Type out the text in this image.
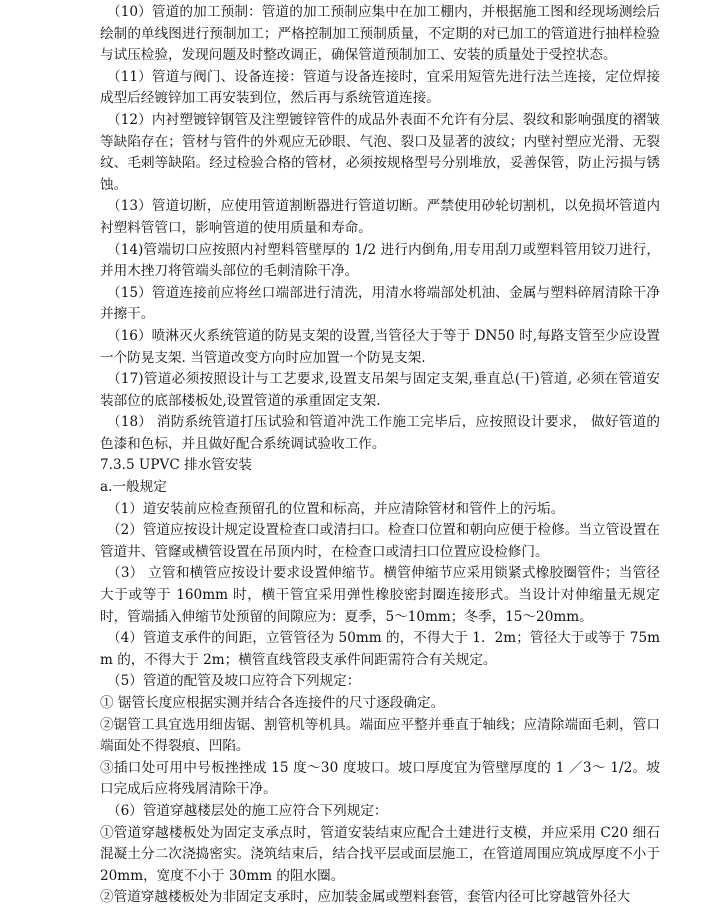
（10）管道的加工预制：管道的加工预制应集中在加工棚内，并根据施工图和经现场测绘后绘制的单线图进行预制加工；严格控制加工预制质量，不定期的对已加工的管道进行抽样检验与试压检验，发现问题及时整改调正，确保管道预制加工、安装的质量处于受控状态。

（11）管道与阀门、设备连接：管道与设备连接时，宜采用短管先进行法兰连接，定位焊接成型后经镀锌加工再安装到位，然后再与系统管道连接。

（12）内衬塑镀锌钢管及注塑镀锌管件的成品外表面不允许有分层、裂纹和影响强度的褶皱等缺陷存在；管材与管件的外观应无砂眼、气泡、裂口及显著的波纹；内壁衬塑应光滑、无裂纹、毛刺等缺陷。经过检验合格的管材，必须按规格型号分别堆放，妥善保管，防止污损与锈蚀。

（13）管道切断，应使用管道割断器进行管道切断。严禁使用砂轮切割机，以免损坏管道内衬塑料管管口，影响管道的使用质量和寿命。

（14)管端切口应按照内衬塑料管壁厚的 1/2 进行内倒角,用专用刮刀或塑料管用铰刀进行，并用木挫刀将管端头部位的毛刺清除干净。

（15）管道连接前应将丝口端部进行清洗，用清水将端部处机油、金属与塑料碎屑清除干净并擦干。

（16）喷淋灭火系统管道的防晃支架的设置,当管径大于等于 DN50 时,每路支管至少应设置一个防晃支架. 当管道改变方向时应加置一个防晃支架.

（17)管道必须按照设计与工艺要求,设置支吊架与固定支架,垂直总(干)管道, 必须在管道安装部位的底部楼板处,设置管道的承重固定支架.

（18） 消防系统管道打压试验和管道冲洗工作施工完毕后，应按照设计要求， 做好管道的色漆和色标，并且做好配合系统调试验收工作。

7.3.5 UPVC 排水管安装

a.一般规定

（1）道安装前应检查预留孔的位置和标高，并应清除管材和管件上的污垢。

（2）管道应按设计规定设置检查口或清扫口。检查口位置和朝向应便于检修。当立管设置在管道井、管窿或横管设置在吊顶内时，在检查口或清扫口位置应设检修门。

（3） 立管和横管应按设计要求设置伸缩节。横管伸缩节应采用锁紧式橡胶圈管件；当管径大于或等于 160mm 时，横干管宜采用弹性橡胶密封圈连接形式。当设计对伸缩量无规定时，管端插入伸缩节处预留的间隙应为：夏季，5～10mm；冬季，15～20mm。

（4）管道支承件的间距，立管管径为 50mm 的，不得大于 1．2m；管径大于或等于 75mm 的，不得大于 2m；横管直线管段支承件间距需符合有关规定。

（5）管道的配管及坡口应符合下列规定：

① 锯管长度应根据实测并结合各连接件的尺寸逐段确定。

②锯管工具宜选用细齿锯、割管机等机具。端面应平整并垂直于轴线；应清除端面毛刺，管口端面处不得裂痕、凹陷。

③插口处可用中号板挫挫成 15 度～30 度坡口。坡口厚度宜为管壁厚度的 1 ／3～ 1/2。坡口完成后应将残屑清除干净。

（6）管道穿越楼层处的施工应符合下列规定：

①管道穿越楼板处为固定支承点时，管道安装结束应配合土建进行支模，并应采用 C20 细石混凝土分二次浇捣密实。浇筑结束后，结合找平层或面层施工，在管道周围应筑成厚度不小于 20mm，宽度不小于 30mm 的阻水圈。

②管道穿越楼板处为非固定支承时，应加装金属或塑料套管，套管内径可比穿越管外径大
